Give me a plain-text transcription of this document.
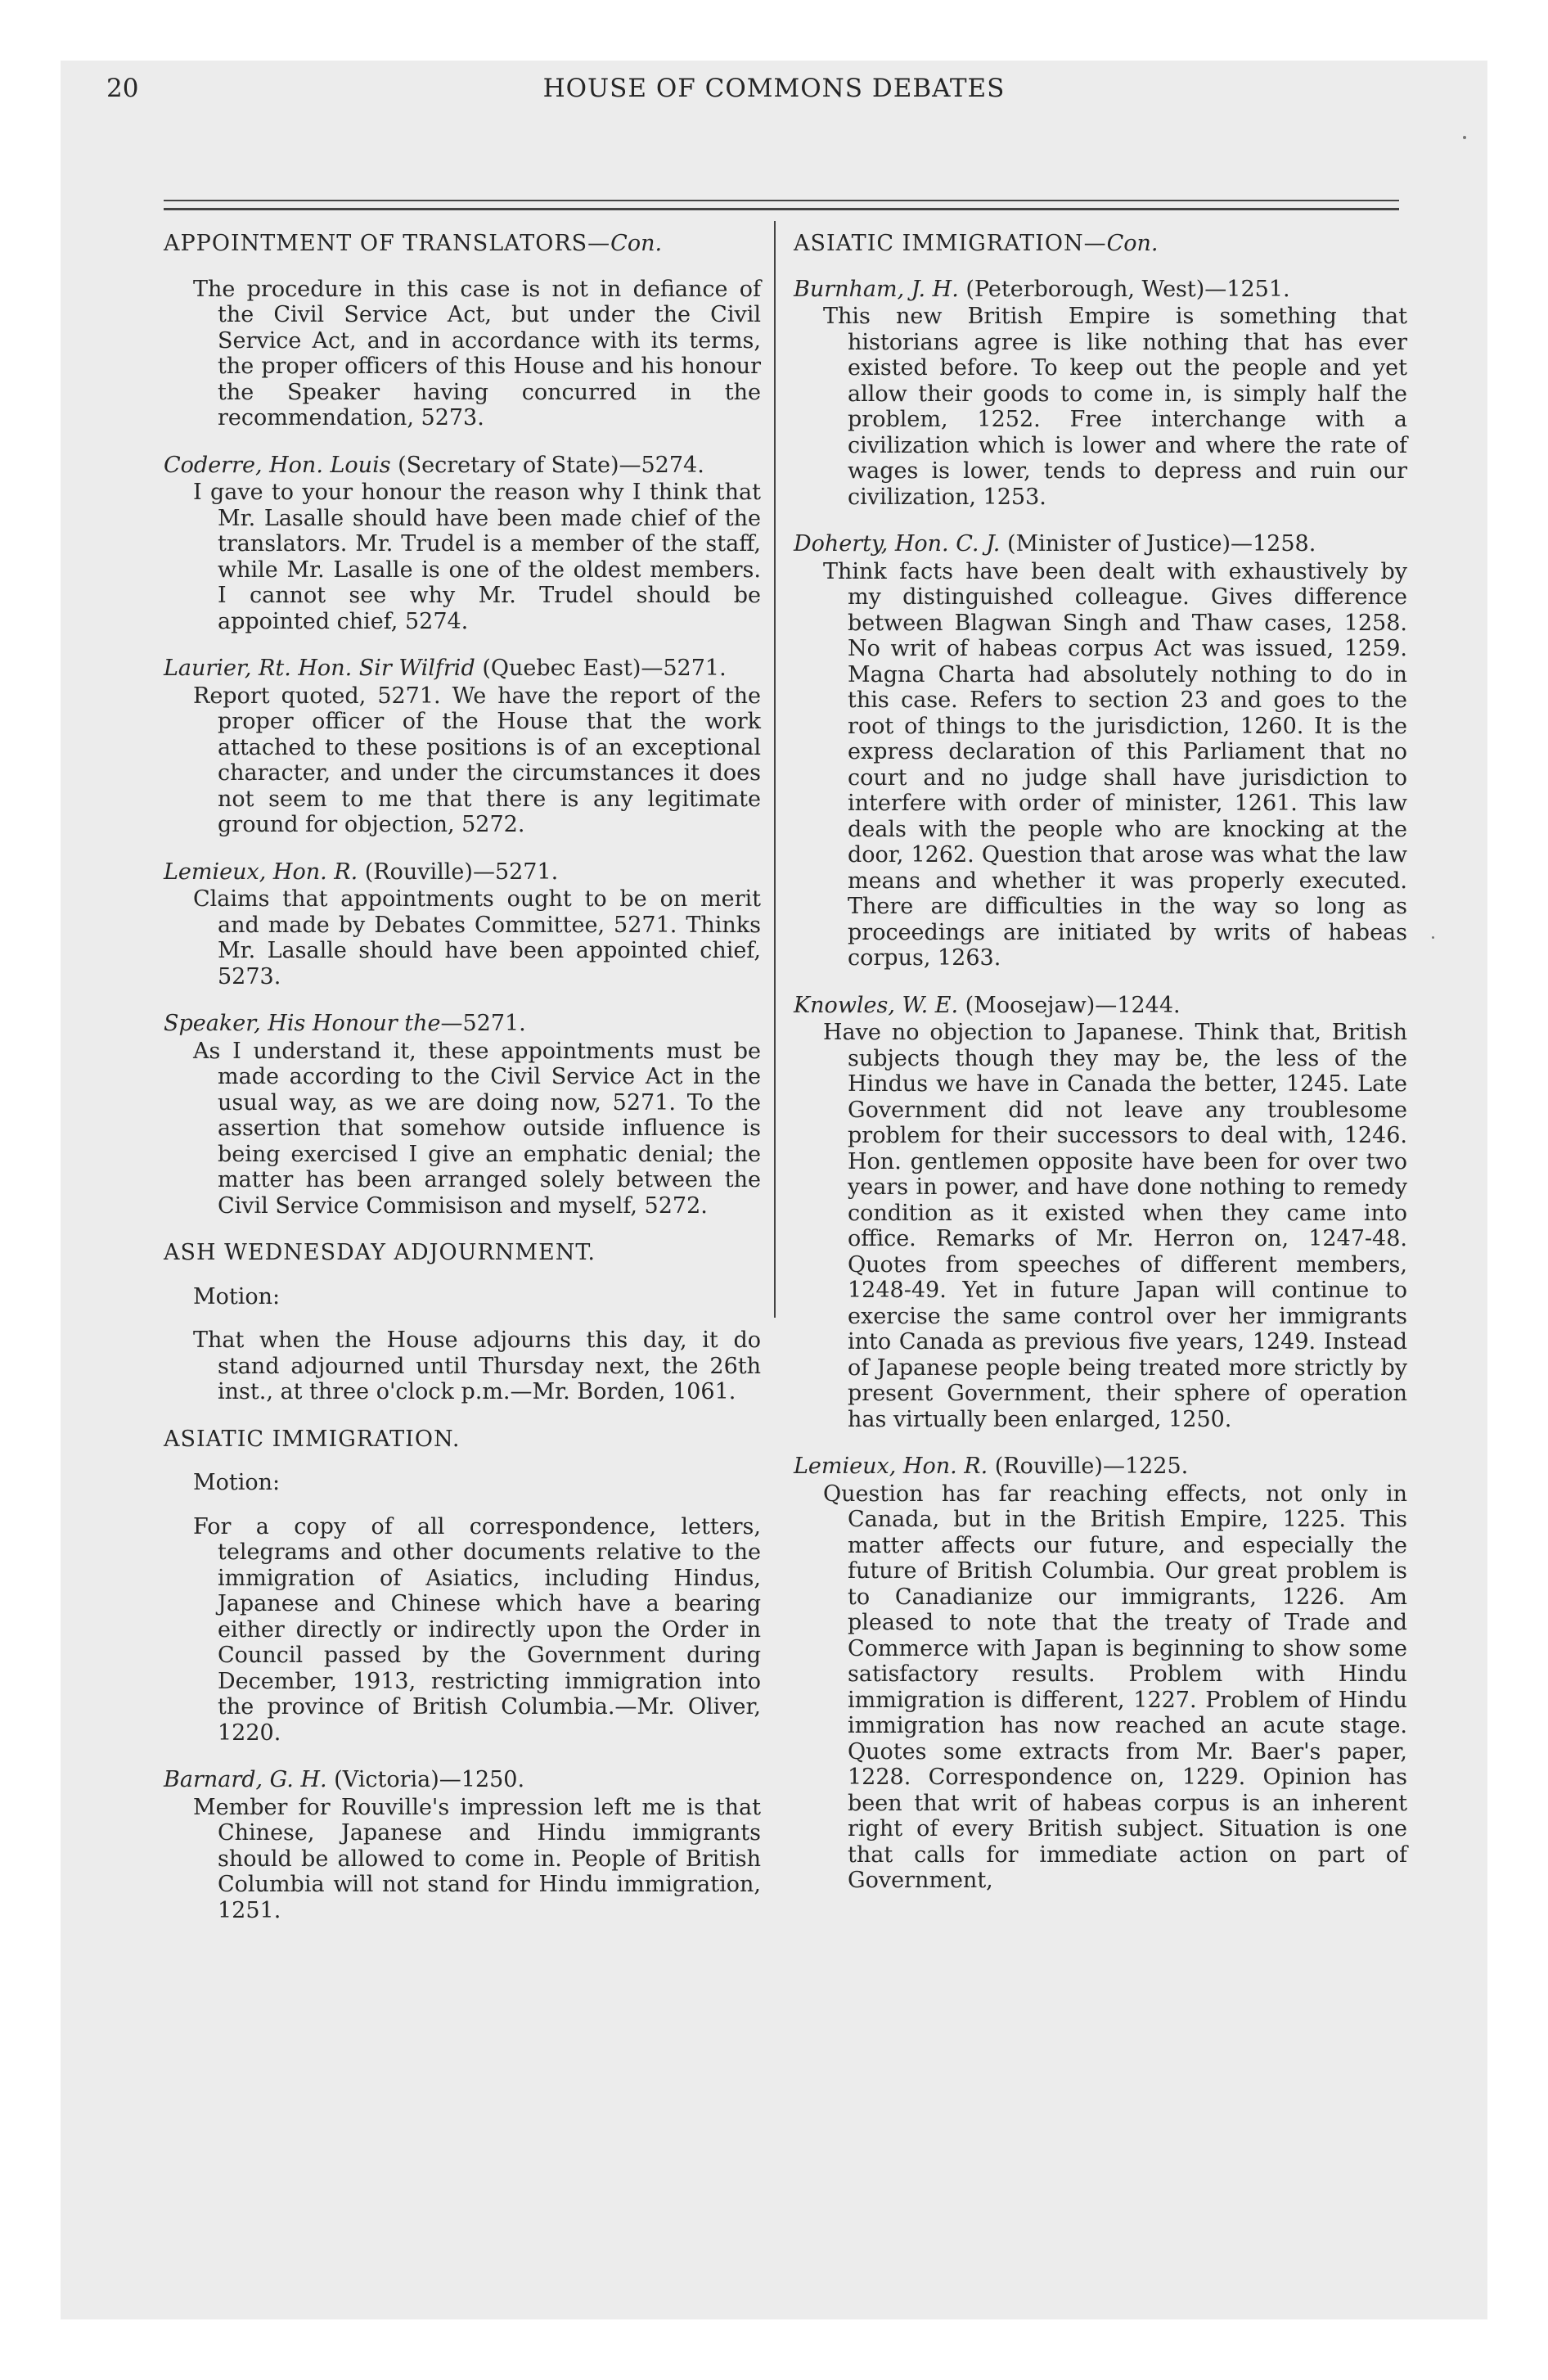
20	HOUSE OF COMMONS DEBATES
APPOINTMENT OF TRANSLATORS—Con.
The procedure in this case is not in defiance of the Civil Service Act, but under the Civil Service Act, and in accordance with its terms, the proper officers of this House and his honour the Speaker having concurred in the recommendation, 5273.
Coderre, Hon. Louis (Secretary of State)—5274.
I gave to your honour the reason why I think that Mr. Lasalle should have been made chief of the translators. Mr. Trudel is a member of the staff, while Mr. Lasalle is one of the oldest members. I cannot see why Mr. Trudel should be appointed chief, 5274.
Laurier, Rt. Hon. Sir Wilfrid (Quebec East)—5271.
Report quoted, 5271. We have the report of the proper officer of the House that the work attached to these positions is of an exceptional character, and under the circumstances it does not seem to me that there is any legitimate ground for objection, 5272.
Lemieux, Hon. R. (Rouville)—5271.
Claims that appointments ought to be on merit and made by Debates Committee, 5271. Thinks Mr. Lasalle should have been appointed chief, 5273.
Speaker, His Honour the—5271.
As I understand it, these appointments must be made according to the Civil Service Act in the usual way, as we are doing now, 5271. To the assertion that somehow outside influence is being exercised I give an emphatic denial; the matter has been arranged solely between the Civil Service Commisison and myself, 5272.
ASH WEDNESDAY ADJOURNMENT.
Motion:
That when the House adjourns this day, it do stand adjourned until Thursday next, the 26th inst., at three o'clock p.m.—Mr. Borden, 1061.
ASIATIC IMMIGRATION.
Motion:
For a copy of all correspondence, letters, telegrams and other documents relative to the immigration of Asiatics, including Hindus, Japanese and Chinese which have a bearing either directly or indirectly upon the Order in Council passed by the Government during December, 1913, restricting immigration into the province of British Columbia.—Mr. Oliver, 1220.
Barnard, G. H. (Victoria)—1250.
Member for Rouville's impression left me is that Chinese, Japanese and Hindu immigrants should be allowed to come in. People of British Columbia will not stand for Hindu immigration, 1251.
ASIATIC IMMIGRATION—Con.
Burnham, J. H. (Peterborough, West)—1251.
This new British Empire is something that historians agree is like nothing that has ever existed before. To keep out the people and yet allow their goods to come in, is simply half the problem, 1252. Free interchange with a civilization which is lower and where the rate of wages is lower, tends to depress and ruin our civilization, 1253.
Doherty, Hon. C. J. (Minister of Justice)—1258.
Think facts have been dealt with exhaustively by my distinguished colleague. Gives difference between Blagwan Singh and Thaw cases, 1258. No writ of habeas corpus Act was issued, 1259. Magna Charta had absolutely nothing to do in this case. Refers to section 23 and goes to the root of things to the jurisdiction, 1260. It is the express declaration of this Parliament that no court and no judge shall have jurisdiction to interfere with order of minister, 1261. This law deals with the people who are knocking at the door, 1262. Question that arose was what the law means and whether it was properly executed. There are difficulties in the way so long as proceedings are initiated by writs of habeas corpus, 1263.
Knowles, W. E. (Moosejaw)—1244.
Have no objection to Japanese. Think that, British subjects though they may be, the less of the Hindus we have in Canada the better, 1245. Late Government did not leave any troublesome problem for their successors to deal with, 1246. Hon. gentlemen opposite have been for over two years in power, and have done nothing to remedy condition as it existed when they came into office. Remarks of Mr. Herron on, 1247-48. Quotes from speeches of different members, 1248-49. Yet in future Japan will continue to exercise the same control over her immigrants into Canada as previous five years, 1249. Instead of Japanese people being treated more strictly by present Government, their sphere of operation has virtually been enlarged, 1250.
Lemieux, Hon. R. (Rouville)—1225.
Question has far reaching effects, not only in Canada, but in the British Empire, 1225. This matter affects our future, and especially the future of British Columbia. Our great problem is to Canadianize our immigrants, 1226. Am pleased to note that the treaty of Trade and Commerce with Japan is beginning to show some satisfactory results. Problem with Hindu immigration is different, 1227. Problem of Hindu immigration has now reached an acute stage. Quotes some extracts from Mr. Baer's paper, 1228. Correspondence on, 1229. Opinion has been that writ of habeas corpus is an inherent right of every British subject. Situation is one that calls for immediate action on part of Government,
